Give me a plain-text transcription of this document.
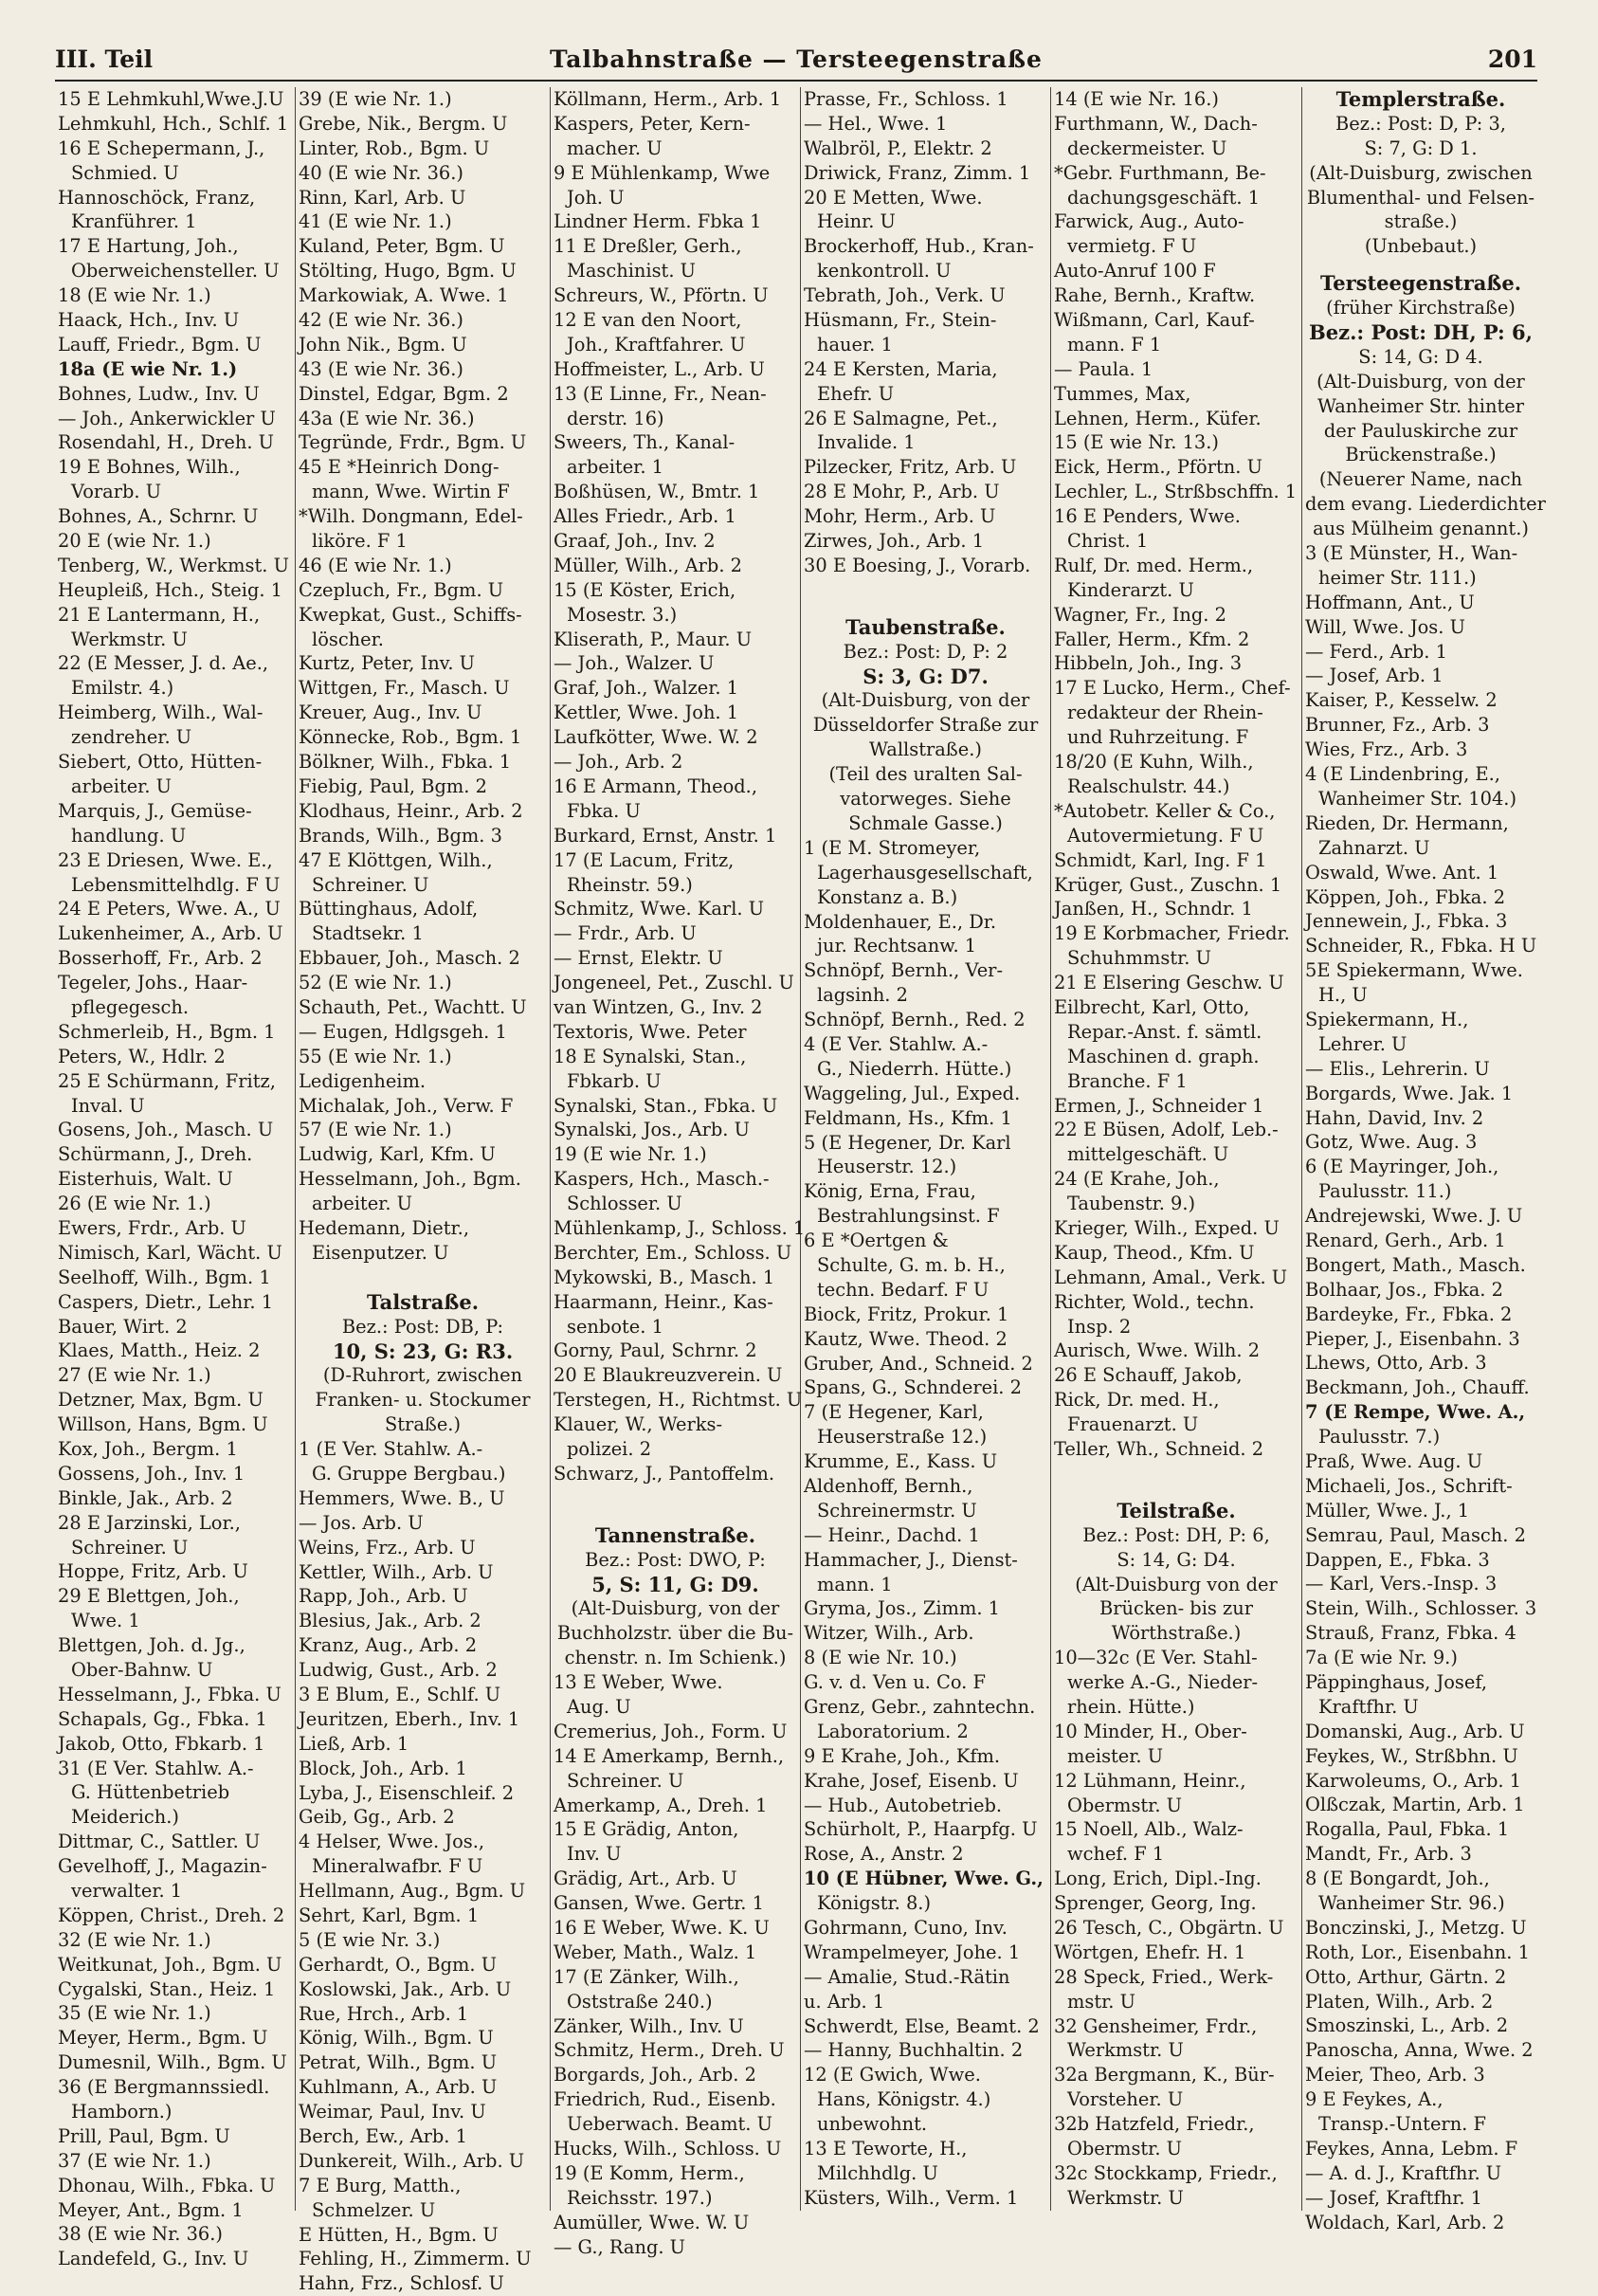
III. Teil	Talbahnstraße — Tersteegenstraße	201
15 E Lehmkuhl,Wwe.J.U
Lehmkuhl, Hch., Schlf. 1
16 E Schepermann, J.,
Schmied. U
Hannoschöck, Franz,
Kranführer. 1
17 E Hartung, Joh.,
Oberweichensteller. U
18 (E wie Nr. 1.)
Haack, Hch., Inv. U
Lauff, Friedr., Bgm. U
18a (E wie Nr. 1.)
Bohnes, Ludw., Inv. U
— Joh., Ankerwickler U
Rosendahl, H., Dreh. U
19 E Bohnes, Wilh.,
Vorarb. U
Bohnes, A., Schrnr. U
20 E (wie Nr. 1.)
Tenberg, W., Werkmst. U
Heupleiß, Hch., Steig. 1
21 E Lantermann, H.,
Werkmstr. U
22 (E Messer, J. d. Ae.,
Emilstr. 4.)
Heimberg, Wilh., Wal-
zendreher. U
Siebert, Otto, Hütten-
arbeiter. U
Marquis, J., Gemüse-
handlung. U
23 E Driesen, Wwe. E.,
Lebensmittelhdlg. F U
24 E Peters, Wwe. A., U
Lukenheimer, A., Arb. U
Bosserhoff, Fr., Arb. 2
Tegeler, Johs., Haar-
pflegegesch.
Schmerleib, H., Bgm. 1
Peters, W., Hdlr. 2
25 E Schürmann, Fritz,
Inval. U
Gosens, Joh., Masch. U
Schürmann, J., Dreh.
Eisterhuis, Walt. U
26 (E wie Nr. 1.)
Ewers, Frdr., Arb. U
Nimisch, Karl, Wächt. U
Seelhoff, Wilh., Bgm. 1
Caspers, Dietr., Lehr. 1
Bauer, Wirt. 2
Klaes, Matth., Heiz. 2
27 (E wie Nr. 1.)
Detzner, Max, Bgm. U
Willson, Hans, Bgm. U
Kox, Joh., Bergm. 1
Gossens, Joh., Inv. 1
Binkle, Jak., Arb. 2
28 E Jarzinski, Lor.,
Schreiner. U
Hoppe, Fritz, Arb. U
29 E Blettgen, Joh.,
Wwe. 1
Blettgen, Joh. d. Jg.,
Ober-Bahnw. U
Hesselmann, J., Fbka. U
Schapals, Gg., Fbka. 1
Jakob, Otto, Fbkarb. 1
31 (E Ver. Stahlw. A.-
G. Hüttenbetrieb
Meiderich.)
Dittmar, C., Sattler. U
Gevelhoff, J., Magazin-
verwalter. 1
Köppen, Christ., Dreh. 2
32 (E wie Nr. 1.)
Weitkunat, Joh., Bgm. U
Cygalski, Stan., Heiz. 1
35 (E wie Nr. 1.)
Meyer, Herm., Bgm. U
Dumesnil, Wilh., Bgm. U
36 (E Bergmannssiedl.
Hamborn.)
Prill, Paul, Bgm. U
37 (E wie Nr. 1.)
Dhonau, Wilh., Fbka. U
Meyer, Ant., Bgm. 1
38 (E wie Nr. 36.)
Landefeld, G., Inv. U
39 (E wie Nr. 1.)
Grebe, Nik., Bergm. U
Linter, Rob., Bgm. U
40 (E wie Nr. 36.)
Rinn, Karl, Arb. U
41 (E wie Nr. 1.)
Kuland, Peter, Bgm. U
Stölting, Hugo, Bgm. U
Markowiak, A. Wwe. 1
42 (E wie Nr. 36.)
John Nik., Bgm. U
43 (E wie Nr. 36.)
Dinstel, Edgar, Bgm. 2
43a (E wie Nr. 36.)
Tegründe, Frdr., Bgm. U
45 E *Heinrich Dong-
mann, Wwe. Wirtin F
*Wilh. Dongmann, Edel-
liköre. F 1
46 (E wie Nr. 1.)
Czepluch, Fr., Bgm. U
Kwepkat, Gust., Schiffs-
löscher.
Kurtz, Peter, Inv. U
Wittgen, Fr., Masch. U
Kreuer, Aug., Inv. U
Könnecke, Rob., Bgm. 1
Bölkner, Wilh., Fbka. 1
Fiebig, Paul, Bgm. 2
Klodhaus, Heinr., Arb. 2
Brands, Wilh., Bgm. 3
47 E Klöttgen, Wilh.,
Schreiner. U
Büttinghaus, Adolf,
Stadtsekr. 1
Ebbauer, Joh., Masch. 2
52 (E wie Nr. 1.)
Schauth, Pet., Wachtt. U
— Eugen, Hdlgsgeh. 1
55 (E wie Nr. 1.)
Ledigenheim.
Michalak, Joh., Verw. F
57 (E wie Nr. 1.)
Ludwig, Karl, Kfm. U
Hesselmann, Joh., Bgm.
arbeiter. U
Hedemann, Dietr.,
Eisenputzer. U
Talstraße.
Bez.: Post: DB, P:
10, S: 23, G: R3.
(D-Ruhrort, zwischen
Franken- u. Stockumer
Straße.)
1 (E Ver. Stahlw. A.-
G. Gruppe Bergbau.)
Hemmers, Wwe. B., U
— Jos. Arb. U
Weins, Frz., Arb. U
Kettler, Wilh., Arb. U
Rapp, Joh., Arb. U
Blesius, Jak., Arb. 2
Kranz, Aug., Arb. 2
Ludwig, Gust., Arb. 2
3 E Blum, E., Schlf. U
Jeuritzen, Eberh., Inv. 1
Ließ, Arb. 1
Block, Joh., Arb. 1
Lyba, J., Eisenschleif. 2
Geib, Gg., Arb. 2
4 Helser, Wwe. Jos.,
Mineralwafbr. F U
Hellmann, Aug., Bgm. U
Sehrt, Karl, Bgm. 1
5 (E wie Nr. 3.)
Gerhardt, O., Bgm. U
Koslowski, Jak., Arb. U
Rue, Hrch., Arb. 1
König, Wilh., Bgm. U
Petrat, Wilh., Bgm. U
Kuhlmann, A., Arb. U
Weimar, Paul, Inv. U
Berch, Ew., Arb. 1
Dunkereit, Wilh., Arb. U
7 E Burg, Matth.,
Schmelzer. U
E Hütten, H., Bgm. U
Fehling, H., Zimmerm. U
Hahn, Frz., Schlosf. U
Köllmann, Herm., Arb. 1
Kaspers, Peter, Kern-
macher. U
9 E Mühlenkamp, Wwe
Joh. U
Lindner Herm. Fbka 1
11 E Dreßler, Gerh.,
Maschinist. U
Schreurs, W., Pförtn. U
12 E van den Noort,
Joh., Kraftfahrer. U
Hoffmeister, L., Arb. U
13 (E Linne, Fr., Nean-
derstr. 16)
Sweers, Th., Kanal-
arbeiter. 1
Boßhüsen, W., Bmtr. 1
Alles Friedr., Arb. 1
Graaf, Joh., Inv. 2
Müller, Wilh., Arb. 2
15 (E Köster, Erich,
Mosestr. 3.)
Kliserath, P., Maur. U
— Joh., Walzer. U
Graf, Joh., Walzer. 1
Kettler, Wwe. Joh. 1
Laufkötter, Wwe. W. 2
— Joh., Arb. 2
16 E Armann, Theod.,
Fbka. U
Burkard, Ernst, Anstr. 1
17 (E Lacum, Fritz,
Rheinstr. 59.)
Schmitz, Wwe. Karl. U
— Frdr., Arb. U
— Ernst, Elektr. U
Jongeneel, Pet., Zuschl. U
van Wintzen, G., Inv. 2
Textoris, Wwe. Peter
18 E Synalski, Stan.,
Fbkarb. U
Synalski, Stan., Fbka. U
Synalski, Jos., Arb. U
19 (E wie Nr. 1.)
Kaspers, Hch., Masch.-
Schlosser. U
Mühlenkamp, J., Schloss. 1
Berchter, Em., Schloss. U
Mykowski, B., Masch. 1
Haarmann, Heinr., Kas-
senbote. 1
Gorny, Paul, Schrnr. 2
20 E Blaukreuzverein. U
Terstegen, H., Richtmst. U
Klauer, W., Werks-
polizei. 2
Schwarz, J., Pantoffelm.
Tannenstraße.
Bez.: Post: DWO, P:
5, S: 11, G: D9.
(Alt-Duisburg, von der
Buchholzstr. über die Bu-
chenstr. n. Im Schienk.)
13 E Weber, Wwe.
Aug. U
Cremerius, Joh., Form. U
14 E Amerkamp, Bernh.,
Schreiner. U
Amerkamp, A., Dreh. 1
15 E Grädig, Anton,
Inv. U
Grädig, Art., Arb. U
Gansen, Wwe. Gertr. 1
16 E Weber, Wwe. K. U
Weber, Math., Walz. 1
17 (E Zänker, Wilh.,
Oststraße 240.)
Zänker, Wilh., Inv. U
Schmitz, Herm., Dreh. U
Borgards, Joh., Arb. 2
Friedrich, Rud., Eisenb.
Ueberwach. Beamt. U
Hucks, Wilh., Schloss. U
19 (E Komm, Herm.,
Reichsstr. 197.)
Aumüller, Wwe. W. U
— G., Rang. U
Prasse, Fr., Schloss. 1
— Hel., Wwe. 1
Walbröl, P., Elektr. 2
Driwick, Franz, Zimm. 1
20 E Metten, Wwe.
Heinr. U
Brockerhoff, Hub., Kran-
kenkontroll. U
Tebrath, Joh., Verk. U
Hüsmann, Fr., Stein-
hauer. 1
24 E Kersten, Maria,
Ehefr. U
26 E Salmagne, Pet.,
Invalide. 1
Pilzecker, Fritz, Arb. U
28 E Mohr, P., Arb. U
Mohr, Herm., Arb. U
Zirwes, Joh., Arb. 1
30 E Boesing, J., Vorarb.
Taubenstraße.
Bez.: Post: D, P: 2
S: 3, G: D7.
(Alt-Duisburg, von der
Düsseldorfer Straße zur
Wallstraße.)
(Teil des uralten Sal-
vatorweges. Siehe
Schmale Gasse.)
1 (E M. Stromeyer,
Lagerhausgesellschaft,
Konstanz a. B.)
Moldenhauer, E., Dr.
jur. Rechtsanw. 1
Schnöpf, Bernh., Ver-
lagsinh. 2
Schnöpf, Bernh., Red. 2
4 (E Ver. Stahlw. A.-
G., Niederrh. Hütte.)
Waggeling, Jul., Exped.
Feldmann, Hs., Kfm. 1
5 (E Hegener, Dr. Karl
Heuserstr. 12.)
König, Erna, Frau,
Bestrahlungsinst. F
6 E *Oertgen &
Schulte, G. m. b. H.,
techn. Bedarf. F U
Biock, Fritz, Prokur. 1
Kautz, Wwe. Theod. 2
Gruber, And., Schneid. 2
Spans, G., Schnderei. 2
7 (E Hegener, Karl,
Heuserstraße 12.)
Krumme, E., Kass. U
Aldenhoff, Bernh.,
Schreinermstr. U
— Heinr., Dachd. 1
Hammacher, J., Dienst-
mann. 1
Gryma, Jos., Zimm. 1
Witzer, Wilh., Arb.
8 (E wie Nr. 10.)
G. v. d. Ven u. Co. F
Grenz, Gebr., zahntechn.
Laboratorium. 2
9 E Krahe, Joh., Kfm.
Krahe, Josef, Eisenb. U
— Hub., Autobetrieb.
Schürholt, P., Haarpfg. U
Rose, A., Anstr. 2
10 (E Hübner, Wwe. G.,
Königstr. 8.)
Gohrmann, Cuno, Inv.
Wrampelmeyer, Johe. 1
— Amalie, Stud.-Rätin
u. Arb. 1
Schwerdt, Else, Beamt. 2
— Hanny, Buchhaltin. 2
12 (E Gwich, Wwe.
Hans, Königstr. 4.)
unbewohnt.
13 E Teworte, H.,
Milchhdlg. U
Küsters, Wilh., Verm. 1
14 (E wie Nr. 16.)
Furthmann, W., Dach-
deckermeister. U
*Gebr. Furthmann, Be-
dachungsgeschäft. 1
Farwick, Aug., Auto-
vermietg. F U
Auto-Anruf 100 F
Rahe, Bernh., Kraftw.
Wißmann, Carl, Kauf-
mann. F 1
— Paula. 1
Tummes, Max,
Lehnen, Herm., Küfer.
15 (E wie Nr. 13.)
Eick, Herm., Pförtn. U
Lechler, L., Strßbschffn. 1
16 E Penders, Wwe.
Christ. 1
Rulf, Dr. med. Herm.,
Kinderarzt. U
Wagner, Fr., Ing. 2
Faller, Herm., Kfm. 2
Hibbeln, Joh., Ing. 3
17 E Lucko, Herm., Chef-
redakteur der Rhein-
und Ruhrzeitung. F
18/20 (E Kuhn, Wilh.,
Realschulstr. 44.)
*Autobetr. Keller & Co.,
Autovermietung. F U
Schmidt, Karl, Ing. F 1
Krüger, Gust., Zuschn. 1
Janßen, H., Schndr. 1
19 E Korbmacher, Friedr.
Schuhmmstr. U
21 E Elsering Geschw. U
Eilbrecht, Karl, Otto,
Repar.-Anst. f. sämtl.
Maschinen d. graph.
Branche. F 1
Ermen, J., Schneider 1
22 E Büsen, Adolf, Leb.-
mittelgeschäft. U
24 (E Krahe, Joh.,
Taubenstr. 9.)
Krieger, Wilh., Exped. U
Kaup, Theod., Kfm. U
Lehmann, Amal., Verk. U
Richter, Wold., techn.
Insp. 2
Aurisch, Wwe. Wilh. 2
26 E Schauff, Jakob,
Rick, Dr. med. H.,
Frauenarzt. U
Teller, Wh., Schneid. 2
Teilstraße.
Bez.: Post: DH, P: 6,
S: 14, G: D4.
(Alt-Duisburg von der
Brücken- bis zur
Wörthstraße.)
10—32c (E Ver. Stahl-
werke A.-G., Nieder-
rhein. Hütte.)
10 Minder, H., Ober-
meister. U
12 Lühmann, Heinr.,
Obermstr. U
15 Noell, Alb., Walz-
wchef. F 1
Long, Erich, Dipl.-Ing.
Sprenger, Georg, Ing.
26 Tesch, C., Obgärtn. U
Wörtgen, Ehefr. H. 1
28 Speck, Fried., Werk-
mstr. U
32 Gensheimer, Frdr.,
Werkmstr. U
32a Bergmann, K., Bür-
Vorsteher. U
32b Hatzfeld, Friedr.,
Obermstr. U
32c Stockkamp, Friedr.,
Werkmstr. U
Templerstraße.
Bez.: Post: D, P: 3,
S: 7, G: D 1.
(Alt-Duisburg, zwischen
Blumenthal- und Felsen-
straße.)
(Unbebaut.)
Tersteegenstraße.
(früher Kirchstraße)
Bez.: Post: DH, P: 6,
S: 14, G: D 4.
(Alt-Duisburg, von der
Wanheimer Str. hinter
der Pauluskirche zur
Brückenstraße.)
(Neuerer Name, nach
dem evang. Liederdichter
aus Mülheim genannt.)
3 (E Münster, H., Wan-
heimer Str. 111.)
Hoffmann, Ant., U
Will, Wwe. Jos. U
— Ferd., Arb. 1
— Josef, Arb. 1
Kaiser, P., Kesselw. 2
Brunner, Fz., Arb. 3
Wies, Frz., Arb. 3
4 (E Lindenbring, E.,
Wanheimer Str. 104.)
Rieden, Dr. Hermann,
Zahnarzt. U
Oswald, Wwe. Ant. 1
Köppen, Joh., Fbka. 2
Jennewein, J., Fbka. 3
Schneider, R., Fbka. H U
5E Spiekermann, Wwe.
H., U
Spiekermann, H.,
Lehrer. U
— Elis., Lehrerin. U
Borgards, Wwe. Jak. 1
Hahn, David, Inv. 2
Gotz, Wwe. Aug. 3
6 (E Mayringer, Joh.,
Paulusstr. 11.)
Andrejewski, Wwe. J. U
Renard, Gerh., Arb. 1
Bongert, Math., Masch.
Bolhaar, Jos., Fbka. 2
Bardeyke, Fr., Fbka. 2
Pieper, J., Eisenbahn. 3
Lhews, Otto, Arb. 3
Beckmann, Joh., Chauff.
7 (E Rempe, Wwe. A.,
Paulusstr. 7.)
Praß, Wwe. Aug. U
Michaeli, Jos., Schrift-
Müller, Wwe. J., 1
Semrau, Paul, Masch. 2
Dappen, E., Fbka. 3
— Karl, Vers.-Insp. 3
Stein, Wilh., Schlosser. 3
Strauß, Franz, Fbka. 4
7a (E wie Nr. 9.)
Päppinghaus, Josef,
Kraftfhr. U
Domanski, Aug., Arb. U
Feykes, W., Strßbhn. U
Karwoleums, O., Arb. 1
Olßczak, Martin, Arb. 1
Rogalla, Paul, Fbka. 1
Mandt, Fr., Arb. 3
8 (E Bongardt, Joh.,
Wanheimer Str. 96.)
Bonczinski, J., Metzg. U
Roth, Lor., Eisenbahn. 1
Otto, Arthur, Gärtn. 2
Platen, Wilh., Arb. 2
Smoszinski, L., Arb. 2
Panoscha, Anna, Wwe. 2
Meier, Theo, Arb. 3
9 E Feykes, A.,
Transp.-Untern. F
Feykes, Anna, Lebm. F
— A. d. J., Kraftfhr. U
— Josef, Kraftfhr. 1
Woldach, Karl, Arb. 2
